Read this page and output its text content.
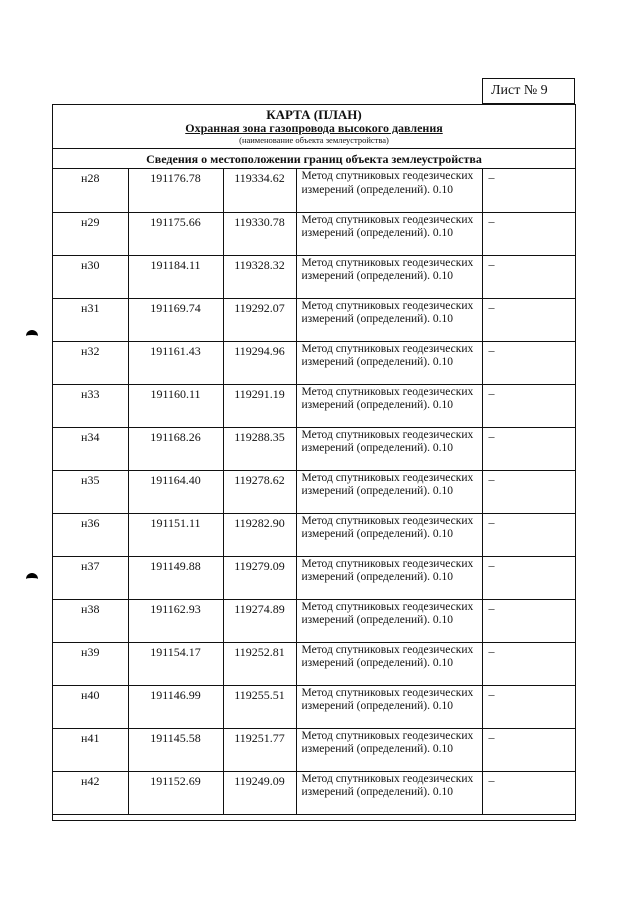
Лист № 9
КАРТА (ПЛАН)
Охранная зона газопровода высокого давления
(наименование объекта землеустройства)
Сведения о местоположении границ объекта землеустройства
н28	191176.78	119334.62	Метод спутниковых геодезических измерений (определений). 0.10	–
н29	191175.66	119330.78	Метод спутниковых геодезических измерений (определений). 0.10	–
н30	191184.11	119328.32	Метод спутниковых геодезических измерений (определений). 0.10	–
н31	191169.74	119292.07	Метод спутниковых геодезических измерений (определений). 0.10	–
н32	191161.43	119294.96	Метод спутниковых геодезических измерений (определений). 0.10	–
н33	191160.11	119291.19	Метод спутниковых геодезических измерений (определений). 0.10	–
н34	191168.26	119288.35	Метод спутниковых геодезических измерений (определений). 0.10	–
н35	191164.40	119278.62	Метод спутниковых геодезических измерений (определений). 0.10	–
н36	191151.11	119282.90	Метод спутниковых геодезических измерений (определений). 0.10	–
н37	191149.88	119279.09	Метод спутниковых геодезических измерений (определений). 0.10	–
н38	191162.93	119274.89	Метод спутниковых геодезических измерений (определений). 0.10	–
н39	191154.17	119252.81	Метод спутниковых геодезических измерений (определений). 0.10	–
н40	191146.99	119255.51	Метод спутниковых геодезических измерений (определений). 0.10	–
н41	191145.58	119251.77	Метод спутниковых геодезических измерений (определений). 0.10	–
н42	191152.69	119249.09	Метод спутниковых геодезических измерений (определений). 0.10	–
